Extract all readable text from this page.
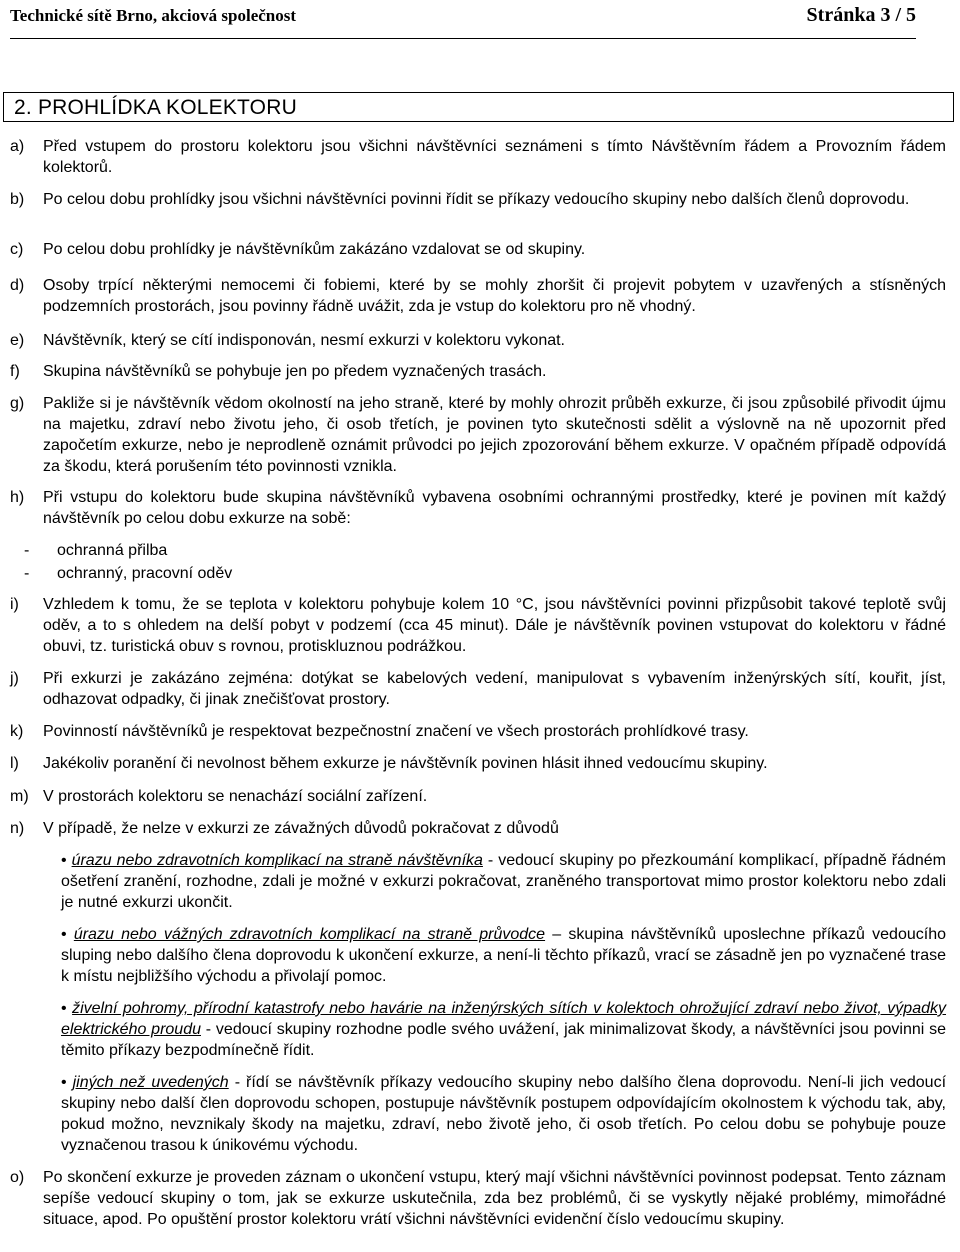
Technické sítě Brno, akciová společnost	Stránka 3 / 5
2. PROHLÍDKA KOLEKTORU
a) Před vstupem do prostoru kolektoru jsou všichni návštěvníci seznámeni s tímto Návštěvním řádem a Provozním řádem kolektorů.
b) Po celou dobu prohlídky jsou všichni návštěvníci povinni řídit se příkazy vedoucího skupiny nebo dalších členů doprovodu.
c) Po celou dobu prohlídky je návštěvníkům zakázáno vzdalovat se od skupiny.
d) Osoby trpící některými nemocemi či fobiemi, které by se mohly zhoršit či projevit pobytem v uzavřených a stísněných podzemních prostorách, jsou povinny řádně uvážit, zda je vstup do kolektoru pro ně vhodný.
e) Návštěvník, který se cítí indisponován, nesmí exkurzi v kolektoru vykonat.
f) Skupina návštěvníků se pohybuje jen po předem vyznačených trasách.
g) Pakliže si je návštěvník vědom okolností na jeho straně, které by mohly ohrozit průběh exkurze, či jsou způsobilé přivodit újmu na majetku, zdraví nebo životu jeho, či osob třetích, je povinen tyto skutečnosti sdělit a výslovně na ně upozornit před započetím exkurze, nebo je neprodleně oznámit průvodci po jejich zpozorování během exkurze. V opačném případě odpovídá za škodu, která porušením této povinnosti vznikla.
h) Při vstupu do kolektoru bude skupina návštěvníků vybavena osobními ochrannými prostředky, které je povinen mít každý návštěvník po celou dobu exkurze na sobě:
- ochranná přilba
- ochranný, pracovní oděv
i) Vzhledem k tomu, že se teplota v kolektoru pohybuje kolem 10 °C, jsou návštěvníci povinni přizpůsobit takové teplotě svůj oděv, a to s ohledem na delší pobyt v podzemí (cca 45 minut). Dále je návštěvník povinen vstupovat do kolektoru v řádné obuvi, tz. turistická obuv s rovnou, protiskluznou podrážkou.
j) Při exkurzi je zakázáno zejména: dotýkat se kabelových vedení, manipulovat s vybavením inženýrských sítí, kouřit, jíst, odhazovat odpadky, či jinak znečišťovat prostory.
k) Povinností návštěvníků je respektovat bezpečnostní značení ve všech prostorách prohlídkové trasy.
l) Jakékoliv poranění či nevolnost během exkurze je návštěvník povinen hlásit ihned vedoucímu skupiny.
m) V prostorách kolektoru se nenachází sociální zařízení.
n) V případě, že nelze v exkurzi ze závažných důvodů pokračovat z důvodů
• úrazu nebo zdravotních komplikací na straně návštěvníka - vedoucí skupiny po přezkoumání komplikací, případně řádném ošetření zranění, rozhodne, zdali je možné v exkurzi pokračovat, zraněného transportovat mimo prostor kolektoru nebo zdali je nutné exkurzi ukončit.
• úrazu nebo vážných zdravotních komplikací na straně průvodce – skupina návštěvníků uposlechne příkazů vedoucího sluping nebo dalšího člena doprovodu k ukončení exkurze, a není-li těchto příkazů, vrací se zásadně jen po vyznačené trase k místu nejbližšího východu a přivolají pomoc.
• živelní pohromy, přírodní katastrofy nebo havárie na inženýrských sítích v kolektoch ohrožující zdraví nebo život, výpadky elektrického proudu - vedoucí skupiny rozhodne podle svého uvážení, jak minimalizovat škody, a návštěvníci jsou povinni se těmito příkazy bezpodmínečně řídit.
• jiných než uvedených - řídí se návštěvník příkazy vedoucího skupiny nebo dalšího člena doprovodu. Není-li jich vedoucí skupiny nebo další člen doprovodu schopen, postupuje návštěvník postupem odpovídajícím okolnostem k východu tak, aby, pokud možno, nevznikaly škody na majetku, zdraví, nebo životě jeho, či osob třetích. Po celou dobu se pohybuje pouze vyznačenou trasou k únikovému východu.
o) Po skončení exkurze je proveden záznam o ukončení vstupu, který mají všichni návštěvníci povinnost podepsat. Tento záznam sepíše vedoucí skupiny o tom, jak se exkurze uskutečnila, zda bez problémů, či se vyskytly nějaké problémy, mimořádné situace, apod. Po opuštění prostor kolektoru vrátí všichni návštěvníci evidenční číslo vedoucímu skupiny.
